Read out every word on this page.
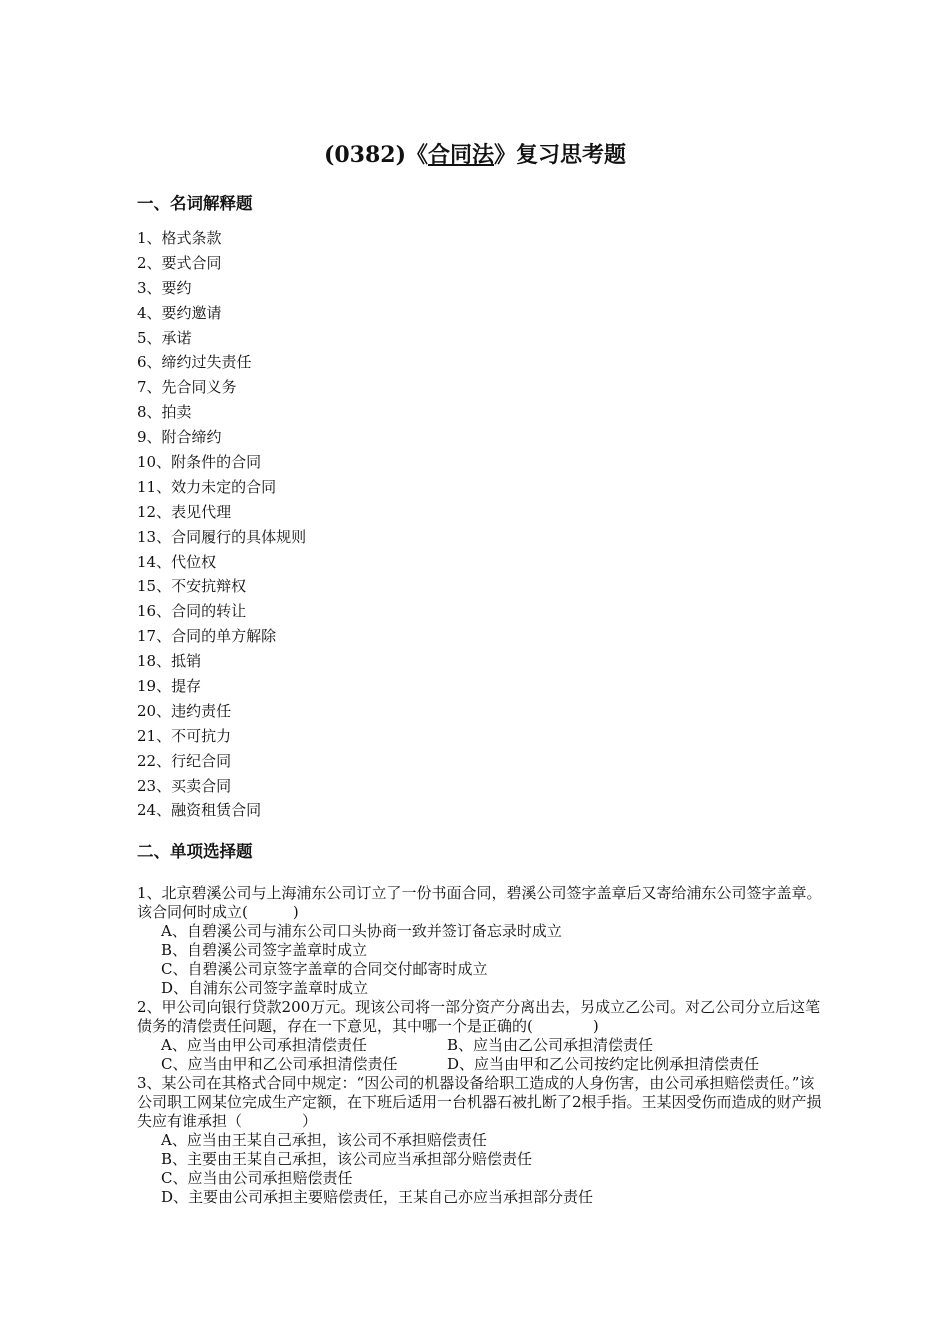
(0382)《合同法》复习思考题
一、名词解释题
1、格式条款
2、要式合同
3、要约
4、要约邀请
5、承诺
6、缔约过失责任
7、先合同义务
8、拍卖
9、附合缔约
10、附条件的合同
11、效力未定的合同
12、表见代理
13、合同履行的具体规则
14、代位权
15、不安抗辩权
16、合同的转让
17、合同的单方解除
18、抵销
19、提存
20、违约责任
21、不可抗力
22、行纪合同
23、买卖合同
24、融资租赁合同
二、单项选择题

1、北京碧溪公司与上海浦东公司订立了一份书面合同，碧溪公司签字盖章后又寄给浦东公司签字盖章。该合同何时成立(　　　)

A、自碧溪公司与浦东公司口头协商一致并签订备忘录时成立

B、自碧溪公司签字盖章时成立

C、自碧溪公司京签字盖章的合同交付邮寄时成立

D、自浦东公司签字盖章时成立

2、甲公司向银行贷款200万元。现该公司将一部分资产分离出去，另成立乙公司。对乙公司分立后这笔债务的清偿责任问题，存在一下意见，其中哪一个是正确的(　　　　)

A、应当由甲公司承担清偿责任	B、应当由乙公司承担清偿责任
C、应当由甲和乙公司承担清偿责任	D、应当由甲和乙公司按约定比例承担清偿责任

3、某公司在其格式合同中规定：“因公司的机器设备给职工造成的人身伤害，由公司承担赔偿责任。”该公司职工网某位完成生产定额，在下班后适用一台机器石被扎断了2根手指。王某因受伤而造成的财产损失应有谁承担（　　　　）

A、应当由王某自己承担，该公司不承担赔偿责任

B、主要由王某自己承担，该公司应当承担部分赔偿责任

C、应当由公司承担赔偿责任

D、主要由公司承担主要赔偿责任，王某自己亦应当承担部分责任
